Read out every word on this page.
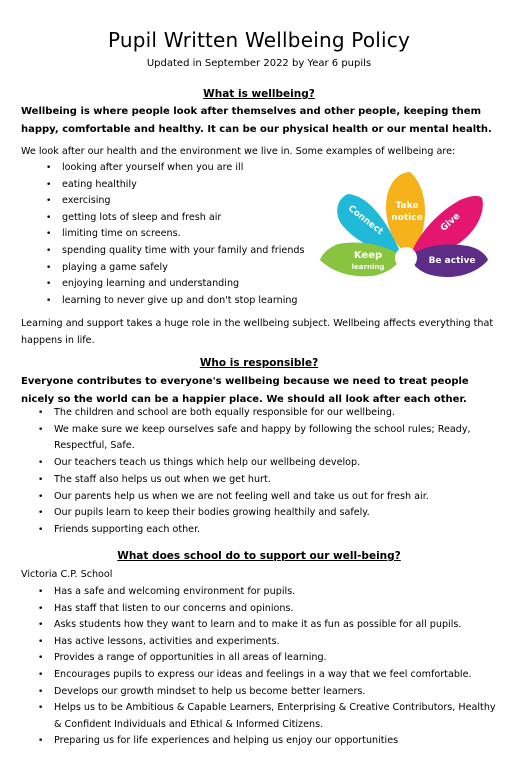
Pupil Written Wellbeing Policy
Updated in September 2022 by Year 6 pupils
What is wellbeing?
Wellbeing is where people look after themselves and other people, keeping them happy, comfortable and healthy. It can be our physical health or our mental health.
We look after our health and the environment we live in. Some examples of wellbeing are:
• looking after yourself when you are ill
• eating healthily
• exercising
• getting lots of sleep and fresh air
• limiting time on screens.
• spending quality time with your family and friends
• playing a game safely
• enjoying learning and understanding
• learning to never give up and don't stop learning
Connect Take
notice Give
Keep
learning
Be active
Learning and support takes a huge role in the wellbeing subject. Wellbeing affects everything that happens in life.
Who is responsible?
Everyone contributes to everyone's wellbeing because we need to treat people nicely so the world can be a happier place. We should all look after each other.
• The children and school are both equally responsible for our wellbeing.
• We make sure we keep ourselves safe and happy by following the school rules; Ready, Respectful, Safe.
• Our teachers teach us things which help our wellbeing develop.
• The staff also helps us out when we get hurt.
• Our parents help us when we are not feeling well and take us out for fresh air.
• Our pupils learn to keep their bodies growing healthily and safely.
• Friends supporting each other.
What does school do to support our well-being?
Victoria C.P. School
• Has a safe and welcoming environment for pupils.
• Has staff that listen to our concerns and opinions.
• Asks students how they want to learn and to make it as fun as possible for all pupils.
• Has active lessons, activities and experiments.
• Provides a range of opportunities in all areas of learning.
• Encourages pupils to express our ideas and feelings in a way that we feel comfortable.
• Develops our growth mindset to help us become better learners.
• Helps us to be Ambitious & Capable Learners, Enterprising & Creative Contributors, Healthy & Confident Individuals and Ethical & Informed Citizens.
• Preparing us for life experiences and helping us enjoy our opportunities
